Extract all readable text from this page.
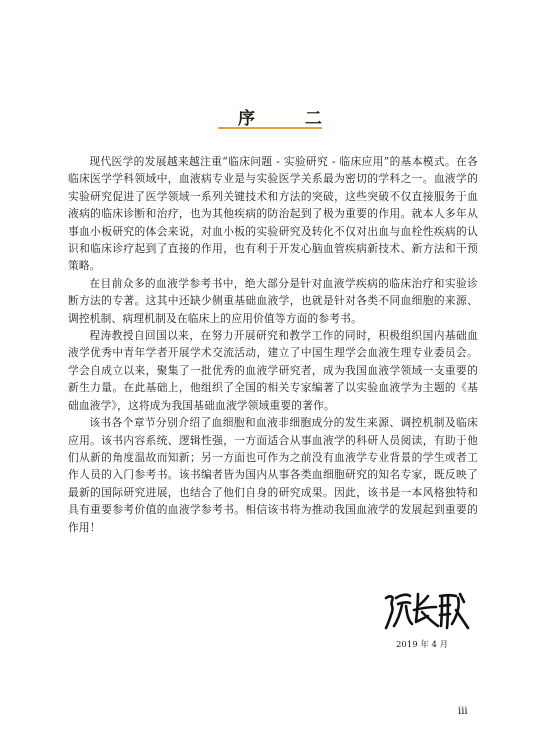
序 二

现代医学的发展越来越注重“临床问题 - 实验研究 - 临床应用”的基本模式。在各临床医学学科领域中，血液病专业是与实验医学关系最为密切的学科之一。血液学的实验研究促进了医学领域一系列关键技术和方法的突破，这些突破不仅直接服务于血液病的临床诊断和治疗，也为其他疾病的防治起到了极为重要的作用。就本人多年从事血小板研究的体会来说，对血小板的实验研究及转化不仅对出血与血栓性疾病的认识和临床诊疗起到了直接的作用，也有利于开发心脑血管疾病新技术、新方法和干预策略。

在目前众多的血液学参考书中，绝大部分是针对血液学疾病的临床治疗和实验诊断方法的专著。这其中还缺少侧重基础血液学，也就是针对各类不同血细胞的来源、调控机制、病理机制及在临床上的应用价值等方面的参考书。

程涛教授自回国以来，在努力开展研究和教学工作的同时，积极组织国内基础血液学优秀中青年学者开展学术交流活动，建立了中国生理学会血液生理专业委员会。学会自成立以来，聚集了一批优秀的血液学研究者，成为我国血液学领域一支重要的新生力量。在此基础上，他组织了全国的相关专家编著了以实验血液学为主题的《基础血液学》，这将成为我国基础血液学领域重要的著作。

该书各个章节分别介绍了血细胞和血液非细胞成分的发生来源、调控机制及临床应用。该书内容系统、逻辑性强，一方面适合从事血液学的科研人员阅读，有助于他们从新的角度温故而知新；另一方面也可作为之前没有血液学专业背景的学生或者工作人员的入门参考书。该书编者皆为国内从事各类血细胞研究的知名专家，既反映了最新的国际研究进展，也结合了他们自身的研究成果。因此，该书是一本风格独特和具有重要参考价值的血液学参考书。相信该书将为推动我国血液学的发展起到重要的作用！

2019 年 4 月
iii
